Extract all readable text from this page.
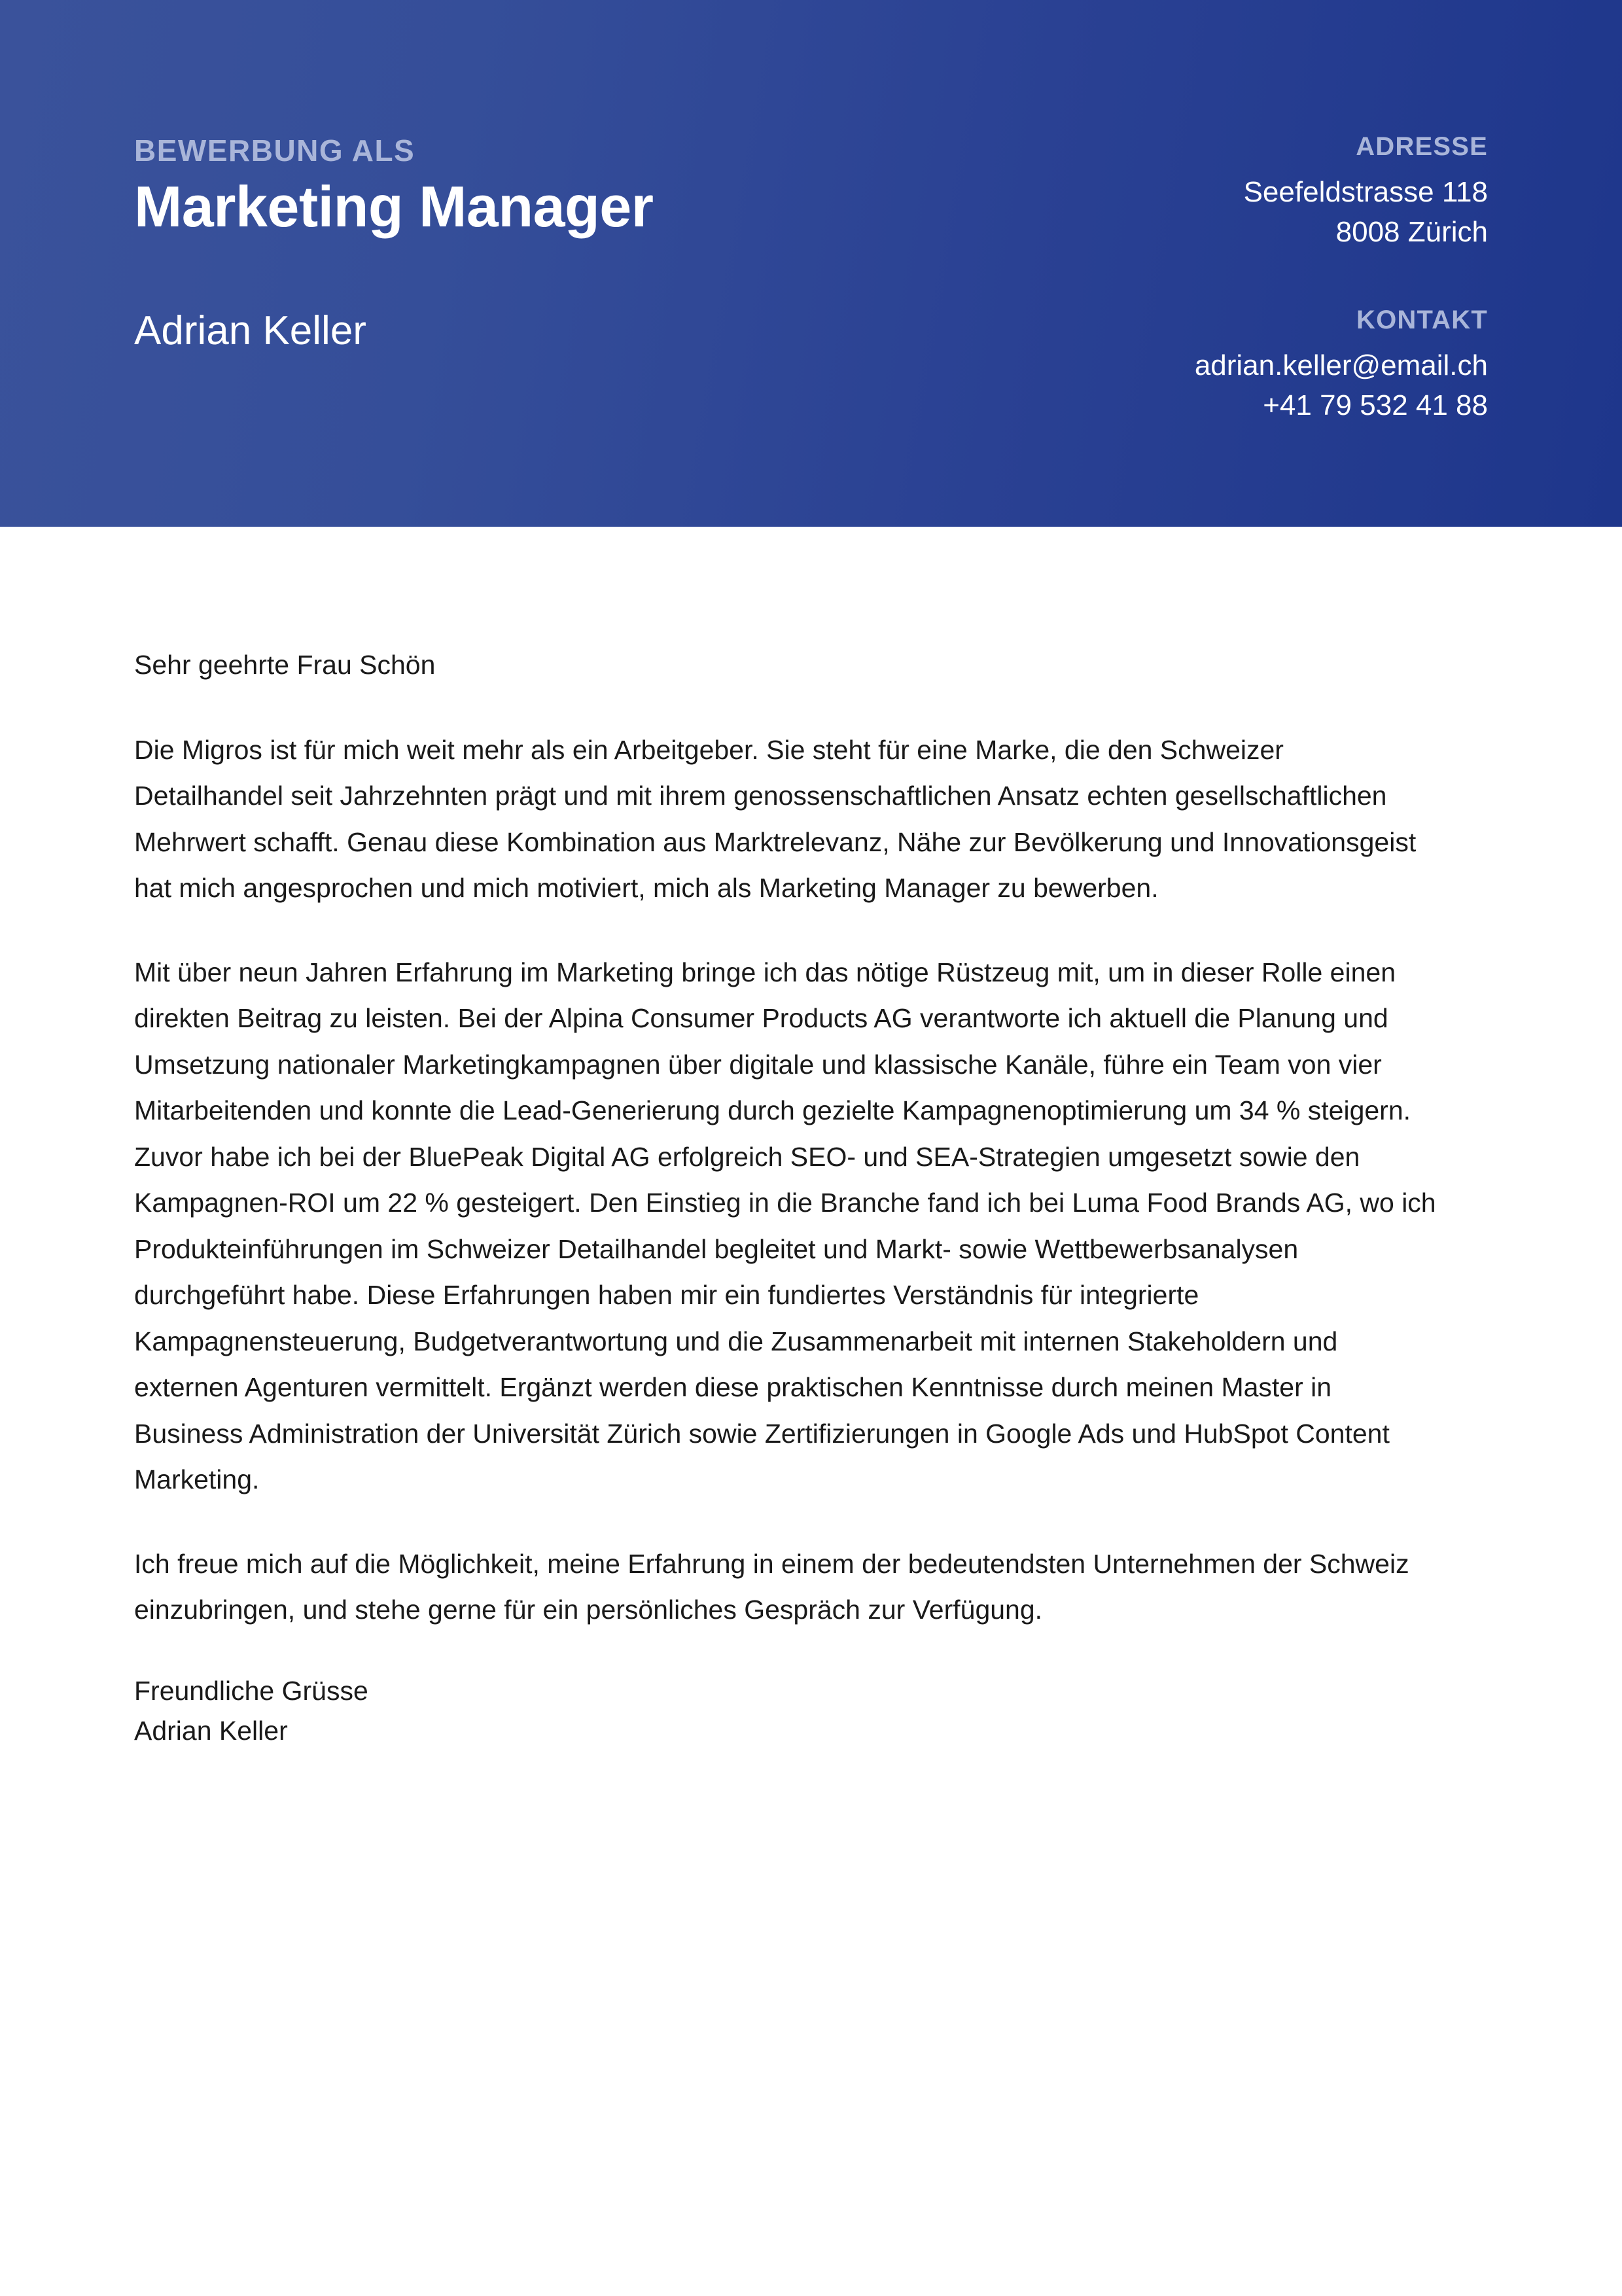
BEWERBUNG ALS
Marketing Manager
Adrian Keller
ADRESSE
Seefeldstrasse 118
8008 Zürich
KONTAKT
adrian.keller@email.ch
+41 79 532 41 88

Sehr geehrte Frau Schön

Die Migros ist für mich weit mehr als ein Arbeitgeber. Sie steht für eine Marke, die den Schweizer Detailhandel seit Jahrzehnten prägt und mit ihrem genossenschaftlichen Ansatz echten gesellschaftlichen Mehrwert schafft. Genau diese Kombination aus Marktrelevanz, Nähe zur Bevölkerung und Innovationsgeist hat mich angesprochen und mich motiviert, mich als Marketing Manager zu bewerben.

Mit über neun Jahren Erfahrung im Marketing bringe ich das nötige Rüstzeug mit, um in dieser Rolle einen direkten Beitrag zu leisten. Bei der Alpina Consumer Products AG verantworte ich aktuell die Planung und Umsetzung nationaler Marketingkampagnen über digitale und klassische Kanäle, führe ein Team von vier Mitarbeitenden und konnte die Lead-Generierung durch gezielte Kampagnenoptimierung um 34 % steigern. Zuvor habe ich bei der BluePeak Digital AG erfolgreich SEO- und SEA-Strategien umgesetzt sowie den Kampagnen-ROI um 22 % gesteigert. Den Einstieg in die Branche fand ich bei Luma Food Brands AG, wo ich Produkteinführungen im Schweizer Detailhandel begleitet und Markt- sowie Wettbewerbsanalysen durchgeführt habe. Diese Erfahrungen haben mir ein fundiertes Verständnis für integrierte Kampagnensteuerung, Budgetverantwortung und die Zusammenarbeit mit internen Stakeholdern und externen Agenturen vermittelt. Ergänzt werden diese praktischen Kenntnisse durch meinen Master in Business Administration der Universität Zürich sowie Zertifizierungen in Google Ads und HubSpot Content Marketing.

Ich freue mich auf die Möglichkeit, meine Erfahrung in einem der bedeutendsten Unternehmen der Schweiz einzubringen, und stehe gerne für ein persönliches Gespräch zur Verfügung.

Freundliche Grüsse

Adrian Keller
